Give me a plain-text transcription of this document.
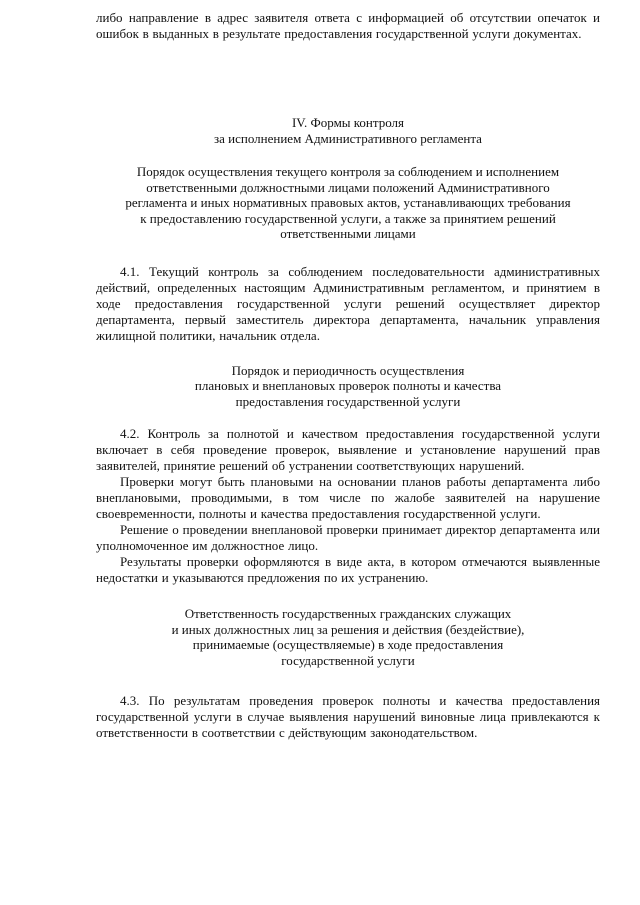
либо направление в адрес заявителя ответа с информацией об отсутствии опечаток и ошибок в выданных в результате предоставления государственной услуги документах.

IV. Формы контроля

за исполнением Административного регламента

Порядок осуществления текущего контроля за соблюдением и исполнением

ответственными должностными лицами положений Административного

регламента и иных нормативных правовых актов, устанавливающих требования

к предоставлению государственной услуги, а также за принятием решений

ответственными лицами

4.1. Текущий контроль за соблюдением последовательности административных действий, определенных настоящим Административным регламентом, и принятием в ходе предоставления государственной услуги решений осуществляет директор департамента, первый заместитель директора департамента, начальник управления жилищной политики, начальник отдела.

Порядок и периодичность осуществления

плановых и внеплановых проверок полноты и качества

предоставления государственной услуги

4.2. Контроль за полнотой и качеством предоставления государственной услуги включает в себя проведение проверок, выявление и установление нарушений прав заявителей, принятие решений об устранении соответствующих нарушений.

Проверки могут быть плановыми на основании планов работы департамента либо внеплановыми, проводимыми, в том числе по жалобе заявителей на нарушение своевременности, полноты и качества предоставления государственной услуги.

Решение о проведении внеплановой проверки принимает директор департамента или уполномоченное им должностное лицо.

Результаты проверки оформляются в виде акта, в котором отмечаются выявленные недостатки и указываются предложения по их устранению.

Ответственность государственных гражданских служащих

и иных должностных лиц за решения и действия (бездействие),

принимаемые (осуществляемые) в ходе предоставления

государственной услуги

4.3. По результатам проведения проверок полноты и качества предоставления государственной услуги в случае выявления нарушений виновные лица привлекаются к ответственности в соответствии с действующим законодательством.
